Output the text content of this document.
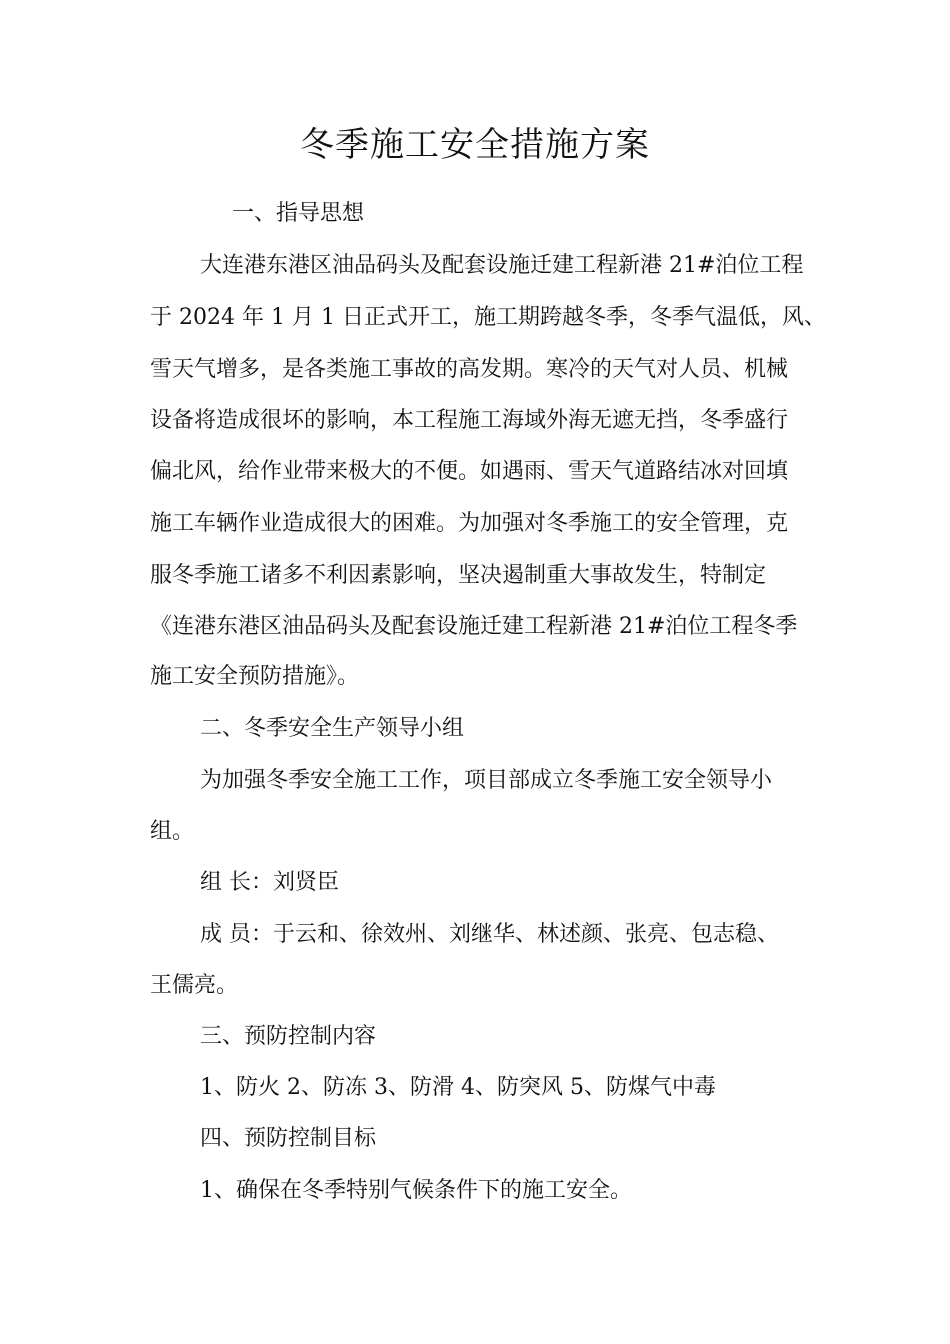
冬季施工安全措施方案

一、指导思想

大连港东港区油品码头及配套设施迁建工程新港 21#泊位工程

于 2024 年 1 月 1 日正式开工，施工期跨越冬季，冬季气温低，风、

雪天气增多，是各类施工事故的高发期。寒冷的天气对人员、机械

设备将造成很坏的影响，本工程施工海域外海无遮无挡，冬季盛行

偏北风，给作业带来极大的不便。如遇雨、雪天气道路结冰对回填

施工车辆作业造成很大的困难。为加强对冬季施工的安全管理，克

服冬季施工诸多不利因素影响，坚决遏制重大事故发生，特制定

《连港东港区油品码头及配套设施迁建工程新港 21#泊位工程冬季

施工安全预防措施》。

二、冬季安全生产领导小组

为加强冬季安全施工工作，项目部成立冬季施工安全领导小

组。

组 长：刘贤臣

成 员：于云和、徐效州、刘继华、林述颜、张亮、包志稳、

王儒亮。

三、预防控制内容

1、防火 2、防冻 3、防滑 4、防突风 5、防煤气中毒

四、预防控制目标

1、确保在冬季特别气候条件下的施工安全。
